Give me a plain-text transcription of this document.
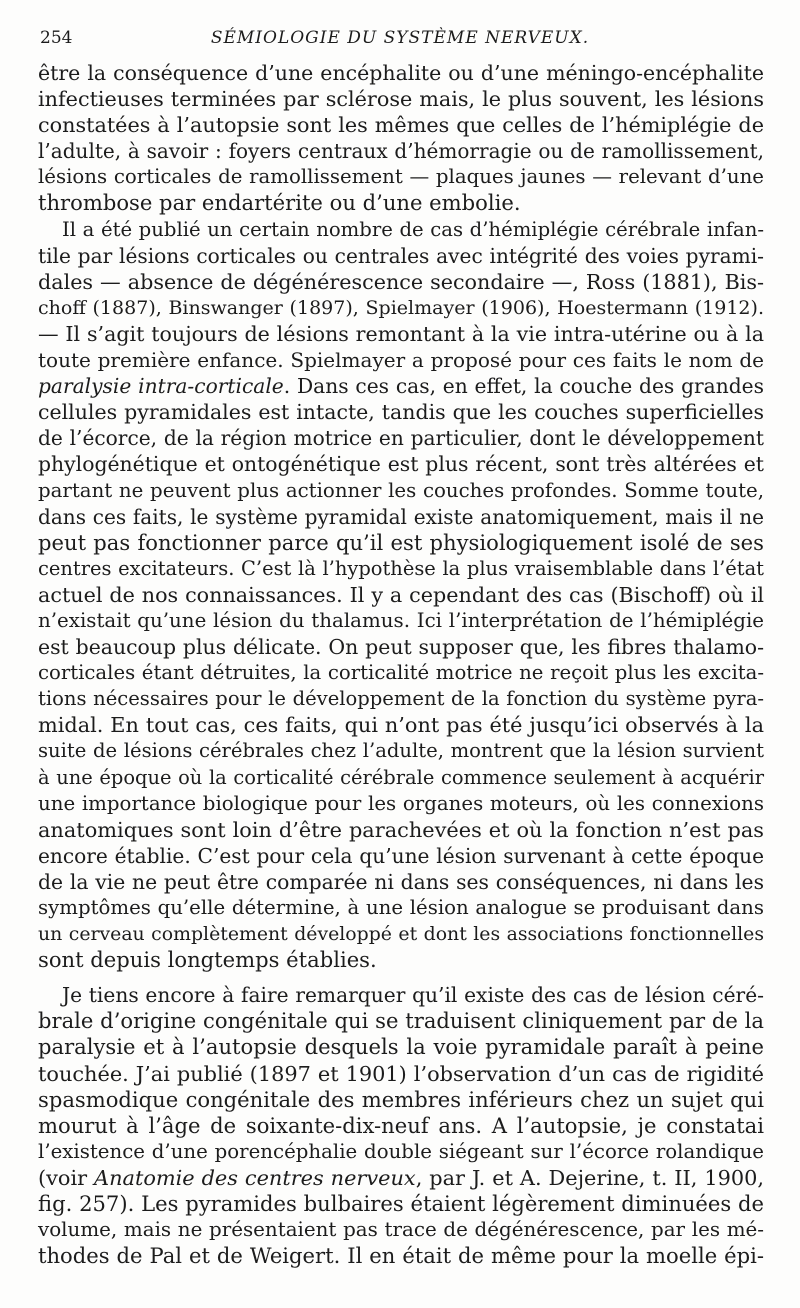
254	SÉMIOLOGIE DU SYSTÈME NERVEUX.
être la conséquence d’une encéphalite ou d’une méningo-encéphalite
infectieuses terminées par sclérose mais, le plus souvent, les lésions
constatées à l’autopsie sont les mêmes que celles de l’hémiplégie de
l’adulte, à savoir : foyers centraux d’hémorragie ou de ramollissement,
lésions corticales de ramollissement — plaques jaunes — relevant d’une
thrombose par endartérite ou d’une embolie.
Il a été publié un certain nombre de cas d’hémiplégie cérébrale infan-
tile par lésions corticales ou centrales avec intégrité des voies pyrami-
dales — absence de dégénérescence secondaire —, Ross (1881), Bis-
choff (1887), Binswanger (1897), Spielmayer (1906), Hoestermann (1912).
— Il s’agit toujours de lésions remontant à la vie intra-utérine ou à la
toute première enfance. Spielmayer a proposé pour ces faits le nom de
paralysie intra-corticale. Dans ces cas, en effet, la couche des grandes
cellules pyramidales est intacte, tandis que les couches superficielles
de l’écorce, de la région motrice en particulier, dont le développement
phylogénétique et ontogénétique est plus récent, sont très altérées et
partant ne peuvent plus actionner les couches profondes. Somme toute,
dans ces faits, le système pyramidal existe anatomiquement, mais il ne
peut pas fonctionner parce qu’il est physiologiquement isolé de ses
centres excitateurs. C’est là l’hypothèse la plus vraisemblable dans l’état
actuel de nos connaissances. Il y a cependant des cas (Bischoff) où il
n’existait qu’une lésion du thalamus. Ici l’interprétation de l’hémiplégie
est beaucoup plus délicate. On peut supposer que, les fibres thalamo-
corticales étant détruites, la corticalité motrice ne reçoit plus les excita-
tions nécessaires pour le développement de la fonction du système pyra-
midal. En tout cas, ces faits, qui n’ont pas été jusqu’ici observés à la
suite de lésions cérébrales chez l’adulte, montrent que la lésion survient
à une époque où la corticalité cérébrale commence seulement à acquérir
une importance biologique pour les organes moteurs, où les connexions
anatomiques sont loin d’être parachevées et où la fonction n’est pas
encore établie. C’est pour cela qu’une lésion survenant à cette époque
de la vie ne peut être comparée ni dans ses conséquences, ni dans les
symptômes qu’elle détermine, à une lésion analogue se produisant dans
un cerveau complètement développé et dont les associations fonctionnelles
sont depuis longtemps établies.
Je tiens encore à faire remarquer qu’il existe des cas de lésion céré-
brale d’origine congénitale qui se traduisent cliniquement par de la
paralysie et à l’autopsie desquels la voie pyramidale paraît à peine
touchée. J’ai publié (1897 et 1901) l’observation d’un cas de rigidité
spasmodique congénitale des membres inférieurs chez un sujet qui
mourut à l’âge de soixante-dix-neuf ans. A l’autopsie, je constatai
l’existence d’une porencéphalie double siégeant sur l’écorce rolandique
(voir Anatomie des centres nerveux, par J. et A. Dejerine, t. II, 1900,
fig. 257). Les pyramides bulbaires étaient légèrement diminuées de
volume, mais ne présentaient pas trace de dégénérescence, par les mé-
thodes de Pal et de Weigert. Il en était de même pour la moelle épi-
